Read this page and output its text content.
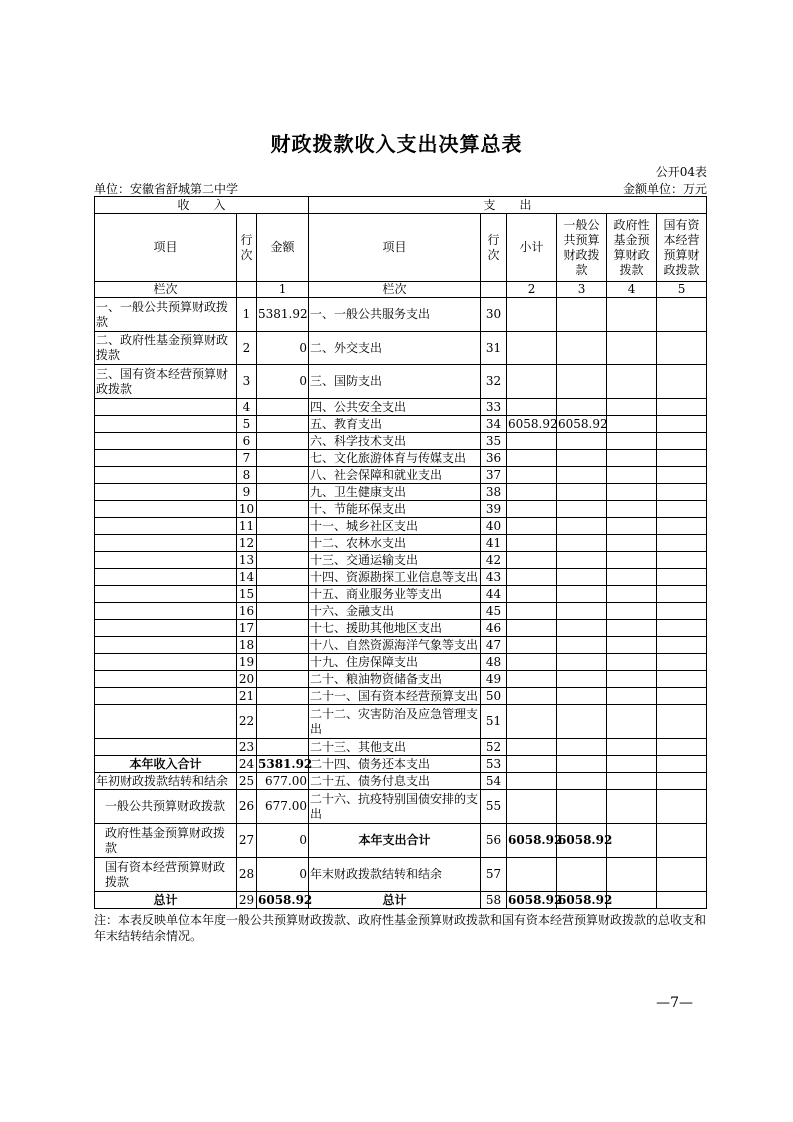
财政拨款收入支出决算总表
公开04表
单位：安徽省舒城第二中学	金额单位：万元
收　　入			支　　出					
项目	行次	金额	项目	行次	小计	一般公共预算财政拨款	政府性基金预算财政拨款	国有资本经营预算财政拨款
栏次		1	栏次		2	3	4	5
一、一般公共预算财政拨款	1	5381.92	一、一般公共服务支出	30				
二、政府性基金预算财政拨款	2	0	二、外交支出	31				
三、国有资本经营预算财政拨款	3	0	三、国防支出	32				
	4		四、公共安全支出	33				
	5		五、教育支出	34	6058.92	6058.92		
	6		六、科学技术支出	35				
	7		七、文化旅游体育与传媒支出	36				
	8		八、社会保障和就业支出	37				
	9		九、卫生健康支出	38				
	10		十、节能环保支出	39				
	11		十一、城乡社区支出	40				
	12		十二、农林水支出	41				
	13		十三、交通运输支出	42				
	14		十四、资源勘探工业信息等支出	43				
	15		十五、商业服务业等支出	44				
	16		十六、金融支出	45				
	17		十七、援助其他地区支出	46				
	18		十八、自然资源海洋气象等支出	47				
	19		十九、住房保障支出	48				
	20		二十、粮油物资储备支出	49				
	21		二十一、国有资本经营预算支出	50				
	22		二十二、灾害防治及应急管理支出	51				
	23		二十三、其他支出	52				
本年收入合计	24	5381.92	二十四、债务还本支出	53				
年初财政拨款结转和结余	25	677.00	二十五、债务付息支出	54				
一般公共预算财政拨款	26	677.00	二十六、抗疫特别国债安排的支出	55				
政府性基金预算财政拨款	27	0	本年支出合计	56	6058.92	6058.92		
国有资本经营预算财政拨款	28	0	年末财政拨款结转和结余	57				
总计	29	6058.92	总计	58	6058.92	6058.92		
注：本表反映单位本年度一般公共预算财政拨款、政府性基金预算财政拨款和国有资本经营预算财政拨款的总收支和年末结转结余情况。
—7—
